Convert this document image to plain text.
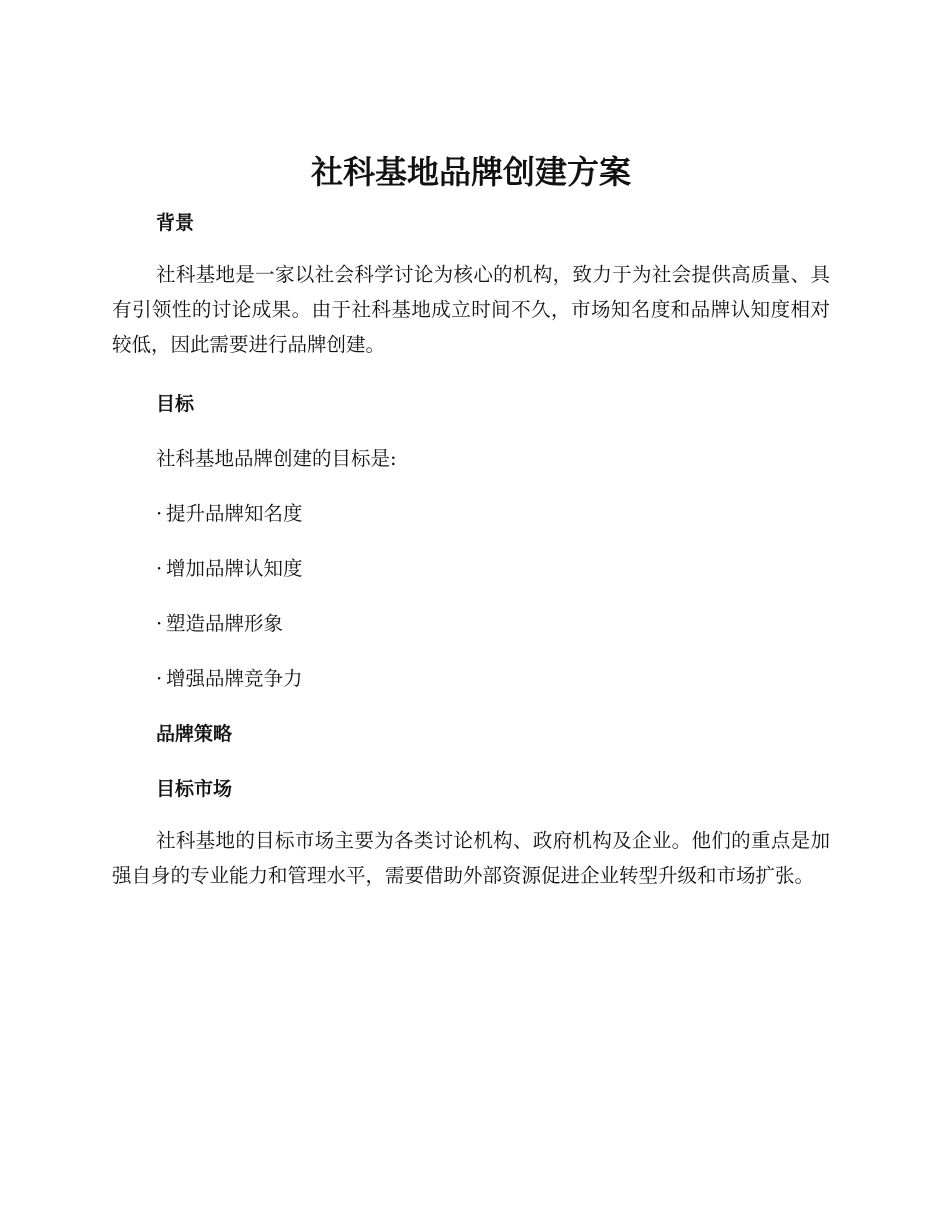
社科基地品牌创建方案
背景

社科基地是一家以社会科学讨论为核心的机构，致力于为社会提供高质量、具有引领性的讨论成果。由于社科基地成立时间不久，市场知名度和品牌认知度相对较低，因此需要进行品牌创建。

目标

社科基地品牌创建的目标是:

· 提升品牌知名度

· 增加品牌认知度

· 塑造品牌形象

· 增强品牌竞争力

品牌策略
目标市场

社科基地的目标市场主要为各类讨论机构、政府机构及企业。他们的重点是加强自身的专业能力和管理水平，需要借助外部资源促进企业转型升级和市场扩张。
